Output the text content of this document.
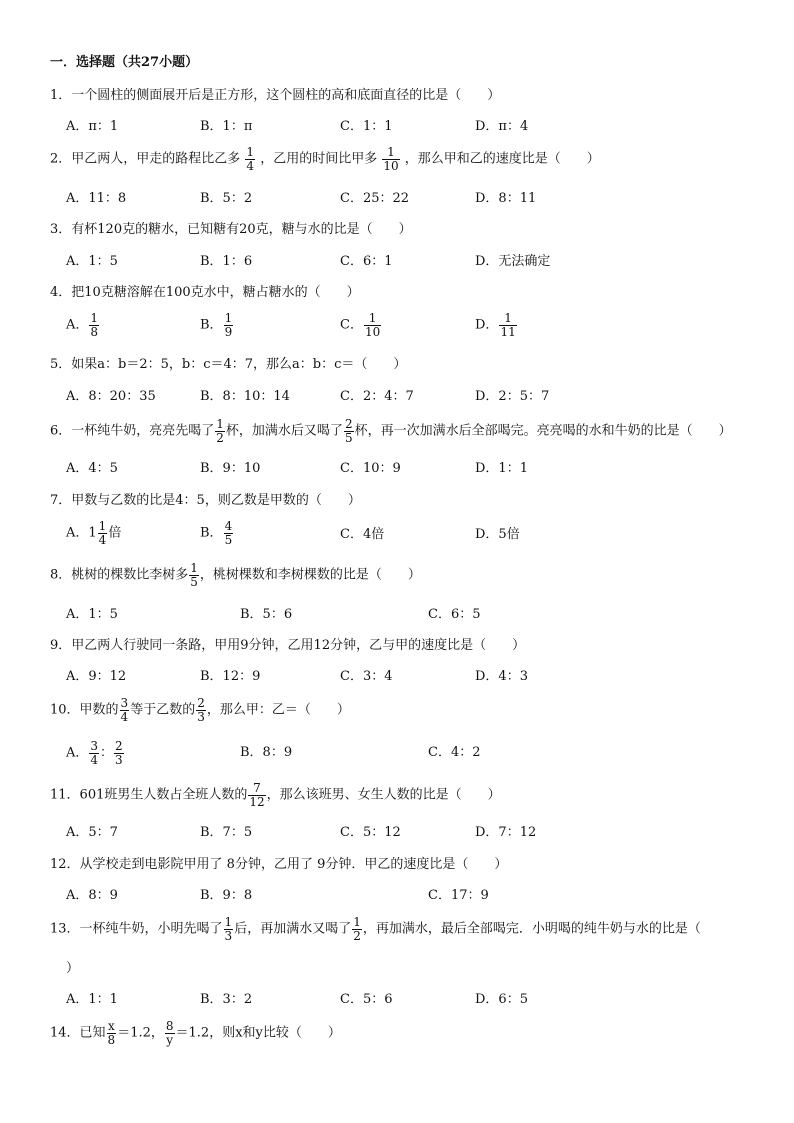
一．选择题（共27小题）
1．一个圆柱的侧面展开后是正方形，这个圆柱的高和底面直径的比是（　　）
A．π：1	B．1：π	C．1：1	D．π：4
2．甲乙两人，甲走的路程比乙多 $\frac{1}{4}$ ，乙用的时间比甲多 $\frac{1}{10}$ ，那么甲和乙的速度比是（　　）
A．11：8	B．5：2	C．25：22	D．8：11
3．有杯120克的糖水，已知糖有20克，糖与水的比是（　　）
A．1：5	B．1：6	C．6：1	D．无法确定
4．把10克糖溶解在100克水中，糖占糖水的（　　）
A． $\frac{1}{8}$	B． $\frac{1}{9}$	C． $\frac{1}{10}$	D． $\frac{1}{11}$
5．如果a：b＝2：5，b：c＝4：7，那么a：b：c＝（　　）
A．8：20：35	B．8：10：14	C．2：4：7	D．2：5：7
6．一杯纯牛奶，亮亮先喝了 $\frac{1}{2}$ 杯，加满水后又喝了 $\frac{2}{5}$ 杯，再一次加满水后全部喝完。亮亮喝的水和牛奶的比是（　　）
A．4：5	B．9：10	C．10：9	D．1：1
7．甲数与乙数的比是4：5，则乙数是甲数的（　　）
A．$1 \frac{1}{4}$ 倍	B． $\frac{4}{5}$	C．4倍	D．5倍
8．桃树的棵数比李树多 $\frac{1}{5}$ ，桃树棵数和李树棵数的比是（　　）
A．1：5	B．5：6	C．6：5
9．甲乙两人行驶同一条路，甲用9分钟，乙用12分钟，乙与甲的速度比是（　　）
A．9：12	B．12：9	C．3：4	D．4：3
10．甲数的 $\frac{3}{4}$ 等于乙数的 $\frac{2}{3}$ ，那么甲：乙＝（　　）
A． $\frac{3}{4}$ ： $\frac{2}{3}$	B．8：9	C．4：2
11．601班男生人数占全班人数的 $\frac{7}{12}$ ，那么该班男、女生人数的比是（　　）
A．5：7	B．7：5	C．5：12	D．7：12
12．从学校走到电影院甲用了 8分钟，乙用了 9分钟．甲乙的速度比是（　　）
A．8：9	B．9：8	C．17：9
13．一杯纯牛奶，小明先喝了 $\frac{1}{3}$ 后，再加满水又喝了 $\frac{1}{2}$ ，再加满水，最后全部喝完．小明喝的纯牛奶与水的比是（
）
A．1：1	B．3：2	C．5：6	D．6：5
14．已知 $\frac{x}{8} =1.2$， $\frac{8}{y} =1.2$，则x和y比较（　　）
